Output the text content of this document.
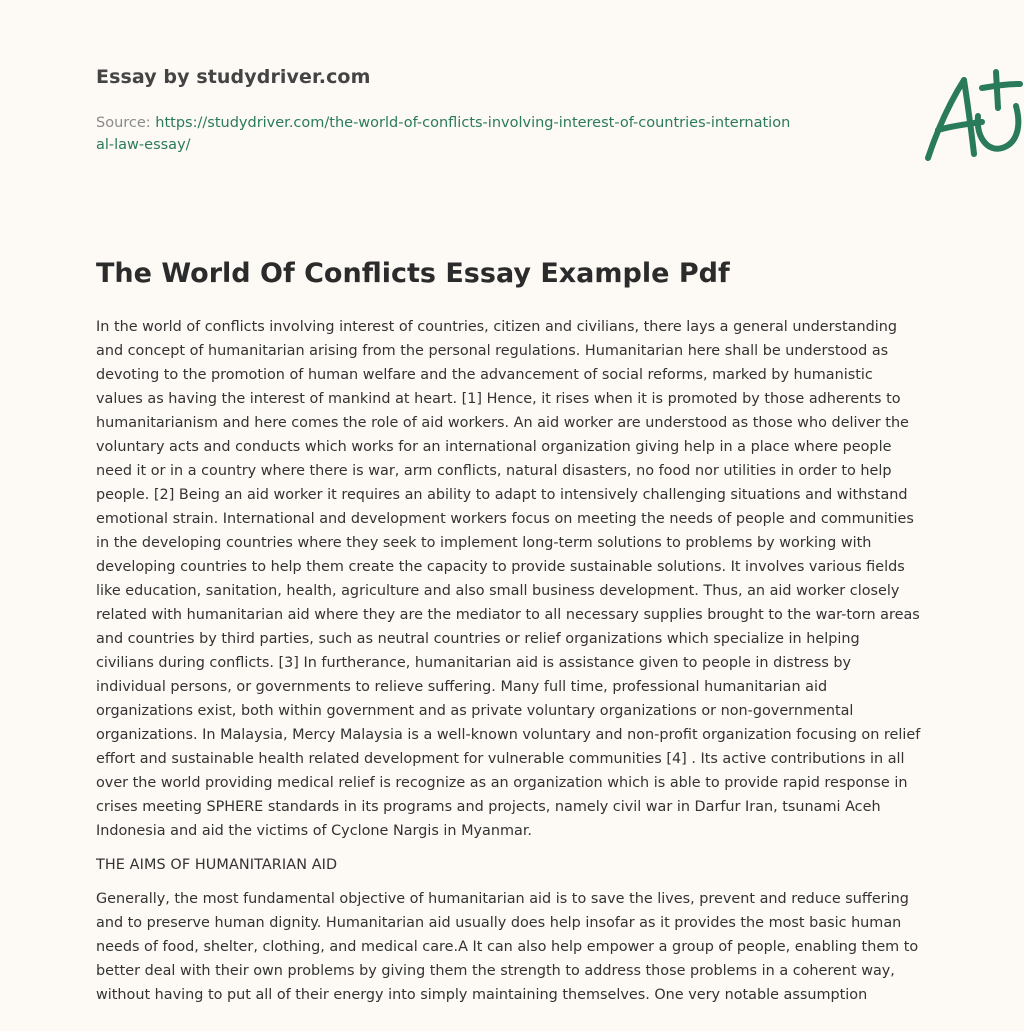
Essay by studydriver.com
Source: https://studydriver.com/the-world-of-conflicts-involving-interest-of-countries-international-law-essay/
The World Of Conflicts Essay Example Pdf

In the world of conflicts involving interest of countries, citizen and civilians, there lays a general understanding and concept of humanitarian arising from the personal regulations. Humanitarian here shall be understood as devoting to the promotion of human welfare and the advancement of social reforms, marked by humanistic values as having the interest of mankind at heart. [1] Hence, it rises when it is promoted by those adherents to humanitarianism and here comes the role of aid workers. An aid worker are understood as those who deliver the voluntary acts and conducts which works for an international organization giving help in a place where people need it or in a country where there is war, arm conflicts, natural disasters, no food nor utilities in order to help people. [2] Being an aid worker it requires an ability to adapt to intensively challenging situations and withstand emotional strain. International and development workers focus on meeting the needs of people and communities in the developing countries where they seek to implement long-term solutions to problems by working with developing countries to help them create the capacity to provide sustainable solutions. It involves various fields like education, sanitation, health, agriculture and also small business development. Thus, an aid worker closely related with humanitarian aid where they are the mediator to all necessary supplies brought to the war-torn areas and countries by third parties, such as neutral countries or relief organizations which specialize in helping civilians during conflicts. [3] In furtherance, humanitarian aid is assistance given to people in distress by individual persons, or governments to relieve suffering. Many full time, professional humanitarian aid organizations exist, both within government and as private voluntary organizations or non-governmental organizations. In Malaysia, Mercy Malaysia is a well-known voluntary and non-profit organization focusing on relief effort and sustainable health related development for vulnerable communities [4] . Its active contributions in all over the world providing medical relief is recognize as an organization which is able to provide rapid response in crises meeting SPHERE standards in its programs and projects, namely civil war in Darfur Iran, tsunami Aceh Indonesia and aid the victims of Cyclone Nargis in Myanmar.

THE AIMS OF HUMANITARIAN AID

Generally, the most fundamental objective of humanitarian aid is to save the lives, prevent and reduce suffering and to preserve human dignity. Humanitarian aid usually does help insofar as it provides the most basic human needs of food, shelter, clothing, and medical care.A It can also help empower a group of people, enabling them to better deal with their own problems by giving them the strength to address those problems in a coherent way, without having to put all of their energy into simply maintaining themselves. One very notable assumption
